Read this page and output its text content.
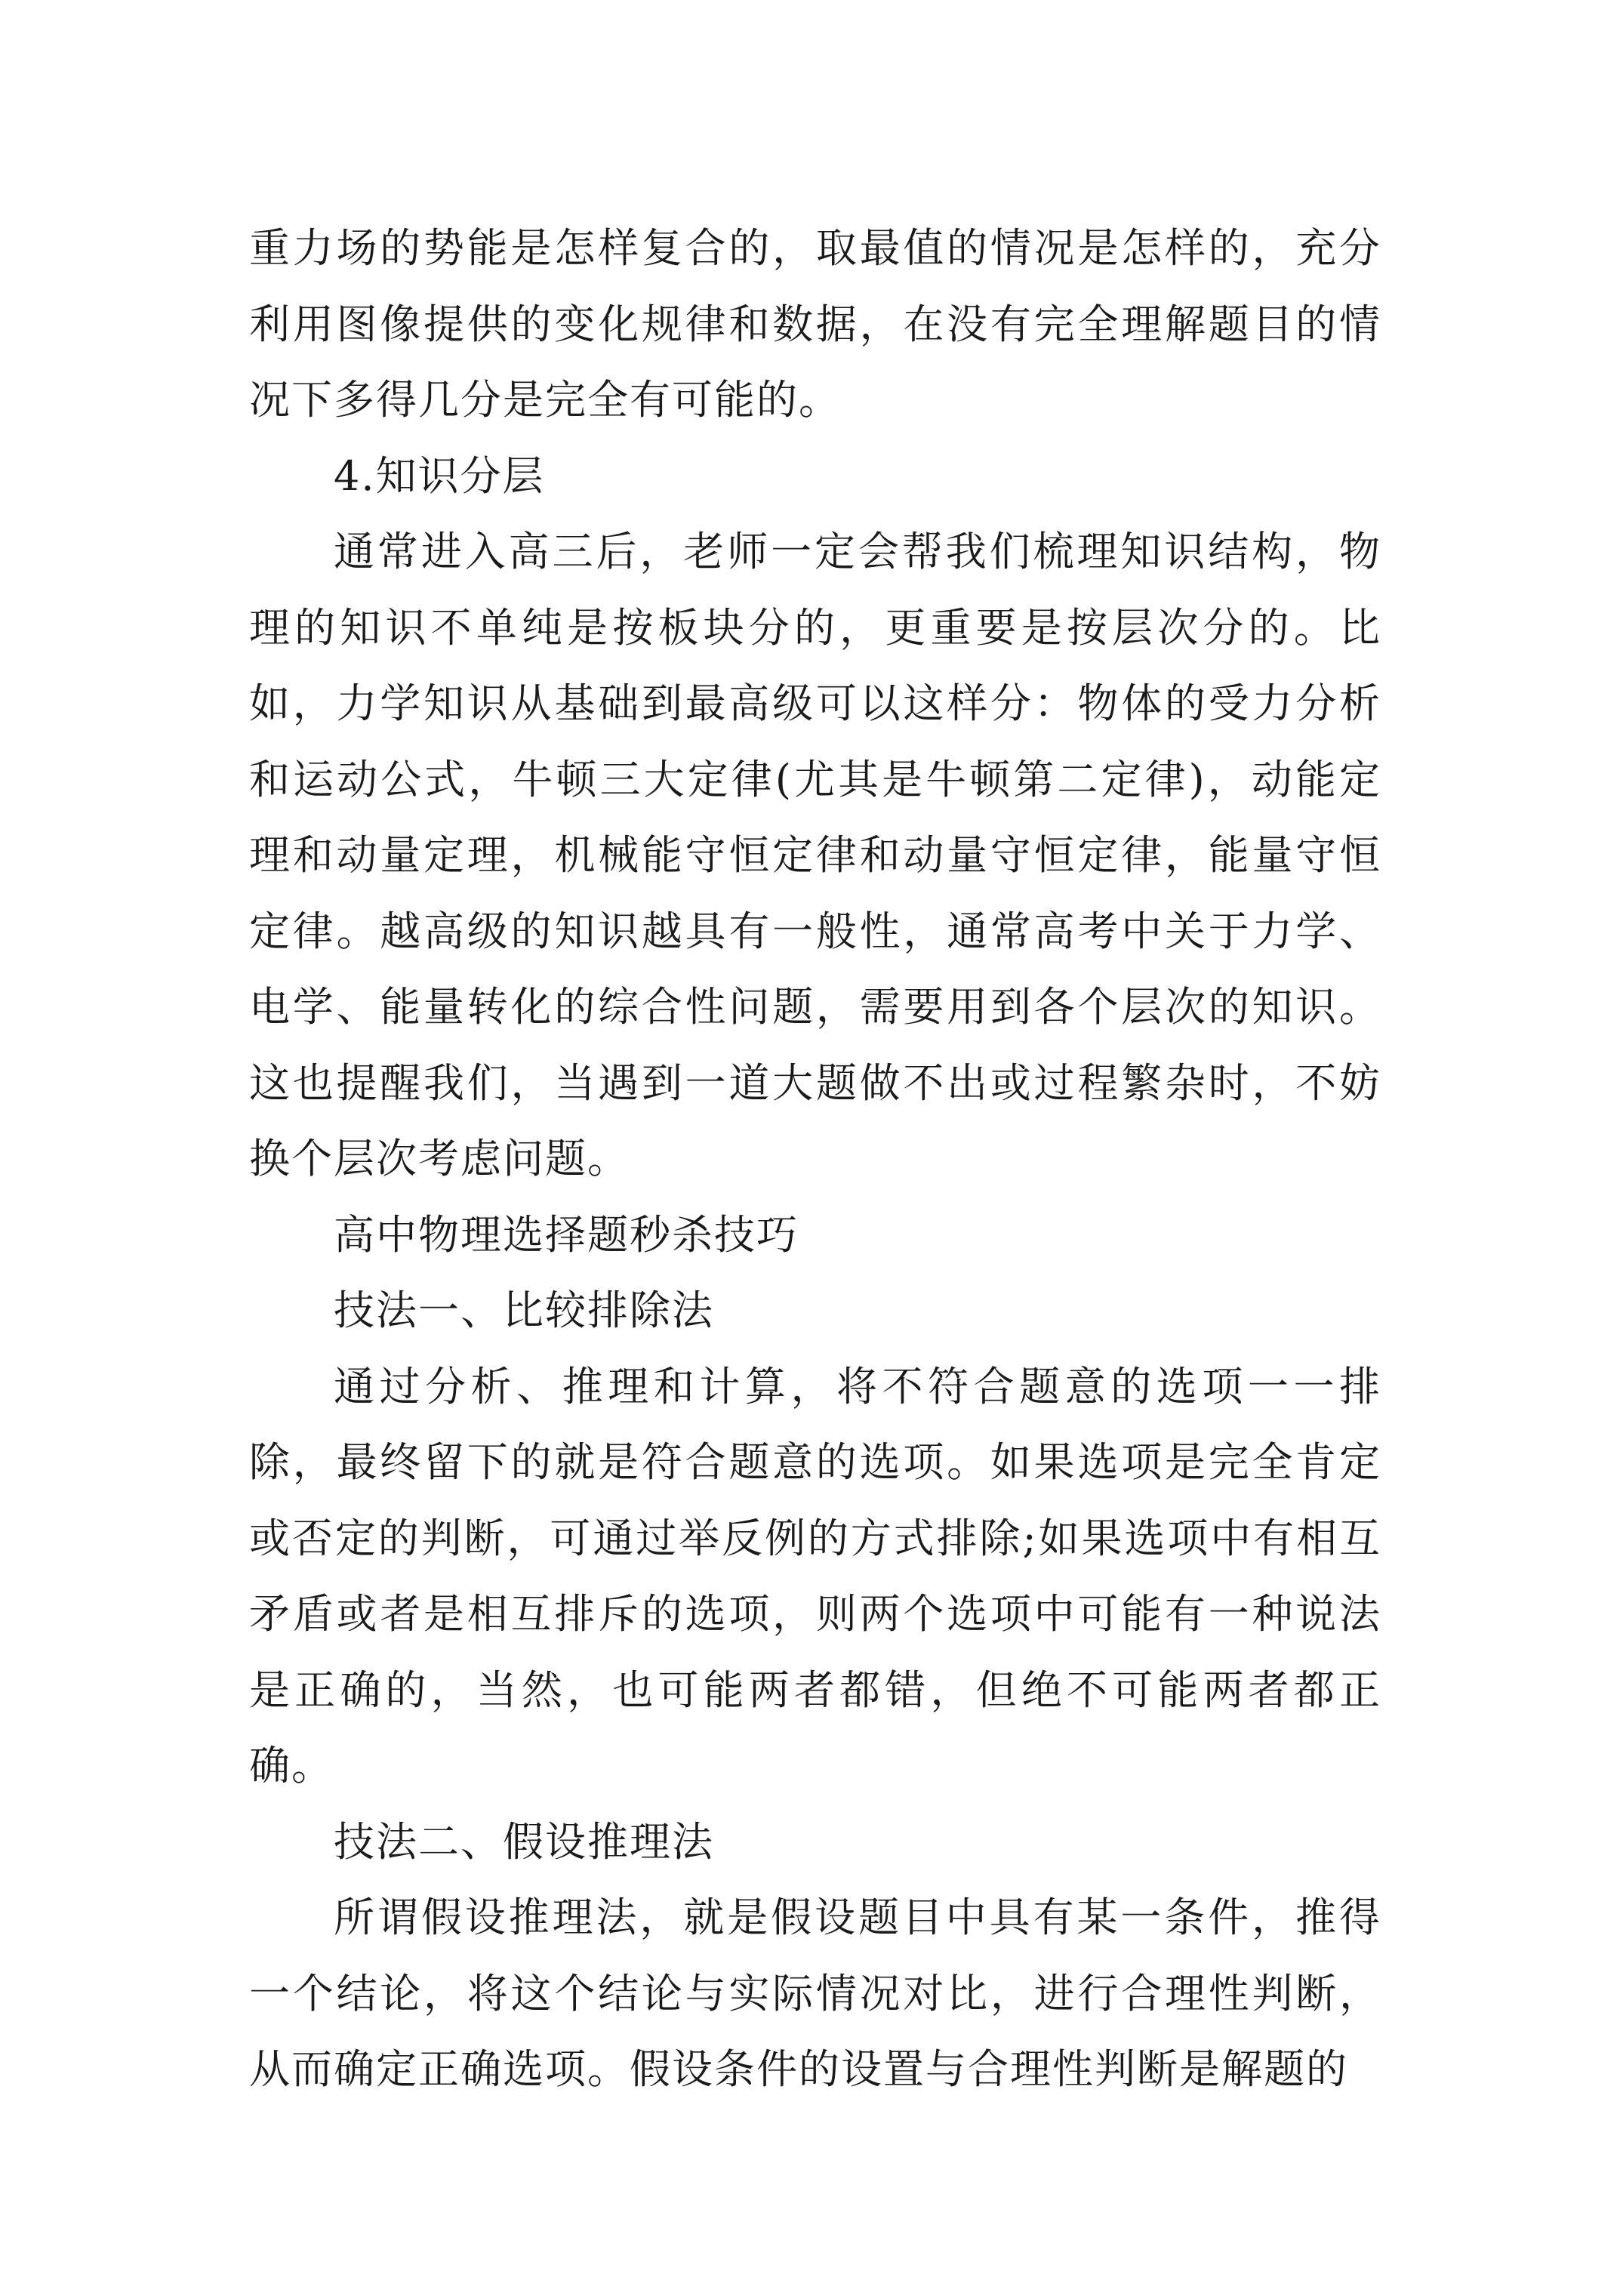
重力场的势能是怎样复合的，取最值的情况是怎样的，充分利用图像提供的变化规律和数据，在没有完全理解题目的情况下多得几分是完全有可能的。

4.知识分层

通常进入高三后，老师一定会帮我们梳理知识结构，物理的知识不单纯是按板块分的，更重要是按层次分的。比如，力学知识从基础到最高级可以这样分：物体的受力分析和运动公式，牛顿三大定律(尤其是牛顿第二定律)，动能定理和动量定理，机械能守恒定律和动量守恒定律，能量守恒定律。越高级的知识越具有一般性，通常高考中关于力学、电学、能量转化的综合性问题，需要用到各个层次的知识。这也提醒我们，当遇到一道大题做不出或过程繁杂时，不妨换个层次考虑问题。

高中物理选择题秒杀技巧

技法一、比较排除法

通过分析、推理和计算，将不符合题意的选项一一排除，最终留下的就是符合题意的选项。如果选项是完全肯定或否定的判断，可通过举反例的方式排除;如果选项中有相互矛盾或者是相互排斥的选项，则两个选项中可能有一种说法是正确的，当然，也可能两者都错，但绝不可能两者都正确。

技法二、假设推理法

所谓假设推理法，就是假设题目中具有某一条件，推得一个结论，将这个结论与实际情况对比，进行合理性判断，从而确定正确选项。假设条件的设置与合理性判断是解题的
